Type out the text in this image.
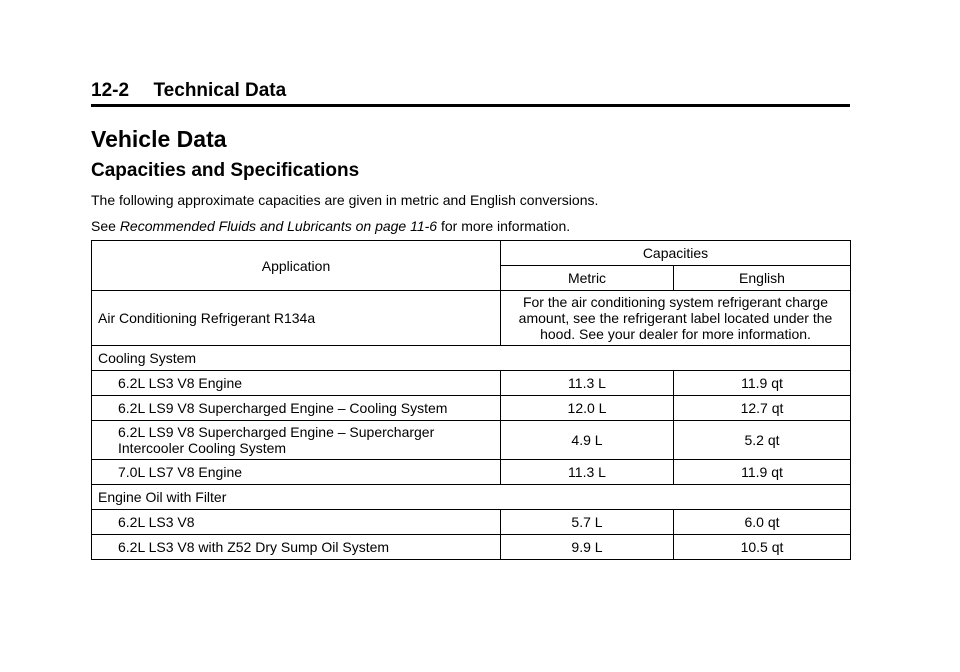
12-2 Technical Data
Vehicle Data
Capacities and Specifications

The following approximate capacities are given in metric and English conversions.

See Recommended Fluids and Lubricants on page 11-6 for more information.

Application	Capacities	
	Metric	English
Air Conditioning Refrigerant R134a	For the air conditioning system refrigerant charge amount, see the refrigerant label located under the hood. See your dealer for more information.	
Cooling System		
6.2L LS3 V8 Engine	11.3 L	11.9 qt
6.2L LS9 V8 Supercharged Engine – Cooling System	12.0 L	12.7 qt
6.2L LS9 V8 Supercharged Engine – Supercharger
Intercooler Cooling System	4.9 L	5.2 qt
7.0L LS7 V8 Engine	11.3 L	11.9 qt
Engine Oil with Filter		
6.2L LS3 V8	5.7 L	6.0 qt
6.2L LS3 V8 with Z52 Dry Sump Oil System	9.9 L	10.5 qt
